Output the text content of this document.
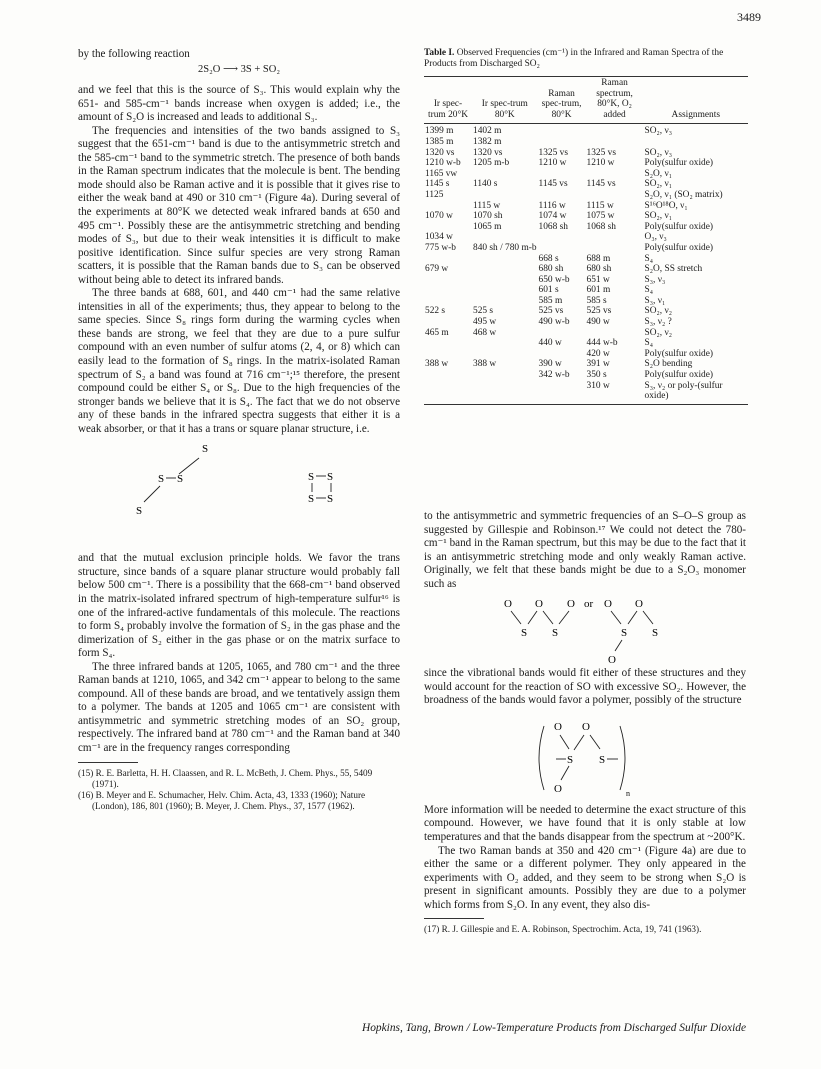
3489

by the following reaction

2S₂O ⟶ 3S + SO₂

and we feel that this is the source of S₃. This would explain why the 651- and 585-cm⁻¹ bands increase when oxygen is added; i.e., the amount of S₂O is increased and leads to additional S₃.

The frequencies and intensities of the two bands assigned to S₃ suggest that the 651-cm⁻¹ band is due to the antisymmetric stretch and the 585-cm⁻¹ band to the symmetric stretch. The presence of both bands in the Raman spectrum indicates that the molecule is bent. The bending mode should also be Raman active and it is possible that it gives rise to either the weak band at 490 or 310 cm⁻¹ (Figure 4a). During several of the experiments at 80°K we detected weak infrared bands at 650 and 495 cm⁻¹. Possibly these are the antisymmetric stretching and bending modes of S₃, but due to their weak intensities it is difficult to make positive identification. Since sulfur species are very strong Raman scatters, it is possible that the Raman bands due to S₃ can be observed without being able to detect its infrared bands.

The three bands at 688, 601, and 440 cm⁻¹ had the same relative intensities in all of the experiments; thus, they appear to belong to the same species. Since S₈ rings form during the warming cycles when these bands are strong, we feel that they are due to a pure sulfur compound with an even number of sulfur atoms (2, 4, or 8) which can easily lead to the formation of S₈ rings. In the matrix-isolated Raman spectrum of S₂ a band was found at 716 cm⁻¹;¹⁵ therefore, the present compound could be either S₄ or S₈. Due to the high frequencies of the stronger bands we believe that it is S₄. The fact that we do not observe any of these bands in the infrared spectra suggests that either it is a weak absorber, or that it has a trans or square planar structure, i.e.

S
S S
S
S S
S S

and that the mutual exclusion principle holds. We favor the trans structure, since bands of a square planar structure would probably fall below 500 cm⁻¹. There is a possibility that the 668-cm⁻¹ band observed in the matrix-isolated infrared spectrum of high-temperature sulfur¹⁶ is one of the infrared-active fundamentals of this molecule. The reactions to form S₄ probably involve the formation of S₂ in the gas phase and the dimerization of S₂ either in the gas phase or on the matrix surface to form S₄.

The three infrared bands at 1205, 1065, and 780 cm⁻¹ and the three Raman bands at 1210, 1065, and 342 cm⁻¹ appear to belong to the same compound. All of these bands are broad, and we tentatively assign them to a polymer. The bands at 1205 and 1065 cm⁻¹ are consistent with antisymmetric and symmetric stretching modes of an SO₂ group, respectively. The infrared band at 780 cm⁻¹ and the Raman band at 340 cm⁻¹ are in the frequency ranges corresponding

(15) R. E. Barletta, H. H. Claassen, and R. L. McBeth, J. Chem. Phys., 55, 5409 (1971).

(16) B. Meyer and E. Schumacher, Helv. Chim. Acta, 43, 1333 (1960); Nature (London), 186, 801 (1960); B. Meyer, J. Chem. Phys., 37, 1577 (1962).

Table I. Observed Frequencies (cm⁻¹) in the Infrared and Raman Spectra of the Products from Discharged SO₂
Ir spec-trum 20°K	Ir spec-trum 80°K	Raman spec-trum, 80°K	Raman spectrum, 80°K, O₂ added	Assignments
1399 m	1402 m			SO₂, ν₃
1385 m	1382 m			
1320 vs	1320 vs	1325 vs	1325 vs	SO₂, ν₃
1210 w-b	1205 m-b	1210 w	1210 w	Poly(sulfur oxide)
1165 vw				S₂O, ν₁
1145 s	1140 s	1145 vs	1145 vs	SO₂, ν₁
1125				S₂O, ν₁ (SO₂ matrix)
	1115 w	1116 w	1115 w	S¹⁶O¹⁸O, ν₁
1070 w	1070 sh	1074 w	1075 w	SO₂, ν₁
	1065 m	1068 sh	1068 sh	Poly(sulfur oxide)
1034 w				O₃, ν₃
775 w-b	840 sh / 780 m-b			Poly(sulfur oxide)
		668 s	688 m	S₄
679 w		680 sh	680 sh	S₂O, SS stretch
		650 w-b	651 w	S₃, ν₃
		601 s	601 m	S₄
		585 m	585 s	S₃, ν₁
522 s	525 s	525 vs	525 vs	SO₂, ν₂
	495 w	490 w-b	490 w	S₃, ν₂ ?
465 m	468 w			SO₂, ν₂
		440 w	444 w-b	S₄
			420 w	Poly(sulfur oxide)
388 w	388 w	390 w	391 w	S₂O bending
		342 w-b	350 s	Poly(sulfur oxide)
			310 w	S₃, ν₂ or poly-(sulfur oxide)

to the antisymmetric and symmetric frequencies of an S–O–S group as suggested by Gillespie and Robinson.¹⁷ We could not detect the 780-cm⁻¹ band in the Raman spectrum, but this may be due to the fact that it is an antisymmetric stretching mode and only weakly Raman active. Originally, we felt that these bands might be due to a S₂O₃ monomer such as

O
S
O
S
O or O
S
O
S
O

since the vibrational bands would fit either of these structures and they would account for the reaction of SO with excessive SO₂. However, the broadness of the bands would favor a polymer, possibly of the structure

O
S
O
S
O	n

More information will be needed to determine the exact structure of this compound. However, we have found that it is only stable at low temperatures and that the bands disappear from the spectrum at ~200°K.

The two Raman bands at 350 and 420 cm⁻¹ (Figure 4a) are due to either the same or a different polymer. They only appeared in the experiments with O₂ added, and they seem to be strong when S₂O is present in significant amounts. Possibly they are due to a polymer which forms from S₂O. In any event, they also dis-

(17) R. J. Gillespie and E. A. Robinson, Spectrochim. Acta, 19, 741 (1963).

Hopkins, Tang, Brown / Low-Temperature Products from Discharged Sulfur Dioxide
